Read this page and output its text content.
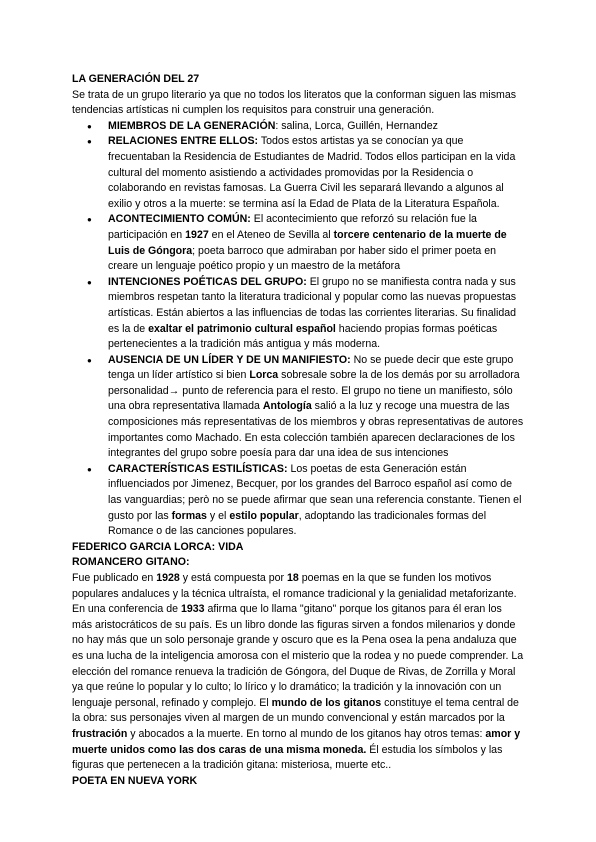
LA GENERACIÓN DEL 27

Se trata de un grupo literario ya que no todos los literatos que la conforman siguen las mismas tendencias artísticas ni cumplen los requisitos para construir una generación.

● MIEMBROS DE LA GENERACIÓN: salina, Lorca, Guillén, Hernandez
● RELACIONES ENTRE ELLOS: Todos estos artistas ya se conocían ya que frecuentaban la Residencia de Estudiantes de Madrid. Todos ellos participan en la vida cultural del momento asistiendo a actividades promovidas por la Residencia o colaborando en revistas famosas. La Guerra Civil les separará llevando a algunos al exilio y otros a la muerte: se termina así la Edad de Plata de la Literatura Española.
● ACONTECIMIENTO COMÚN: El acontecimiento que reforzó su relación fue la participación en 1927 en el Ateneo de Sevilla al torcere centenario de la muerte de Luis de Góngora; poeta barroco que admiraban por haber sido el primer poeta en creare un lenguaje poético propio y un maestro de la metáfora
● INTENCIONES POÉTICAS DEL GRUPO: El grupo no se manifiesta contra nada y sus miembros respetan tanto la literatura tradicional y popular como las nuevas propuestas artísticas. Están abiertos a las influencias de todas las corrientes literarias. Su finalidad es la de exaltar el patrimonio cultural español haciendo propias formas poéticas pertenecientes a la tradición más antigua y más moderna.
● AUSENCIA DE UN LÍDER Y DE UN MANIFIESTO: No se puede decir que este grupo tenga un líder artístico si bien Lorca sobresale sobre la de los demás por su arrolladora personalidad→ punto de referencia para el resto. El grupo no tiene un manifiesto, sólo una obra representativa llamada Antología salió a la luz y recoge una muestra de las composiciones más representativas de los miembros y obras representativas de autores importantes como Machado. En esta colección también aparecen declaraciones de los integrantes del grupo sobre poesía para dar una idea de sus intenciones
● CARACTERÍSTICAS ESTILÍSTICAS: Los poetas de esta Generación están influenciados por Jimenez, Becquer, por los grandes del Barroco español así como de las vanguardias; però no se puede afirmar que sean una referencia constante. Tienen el gusto por las formas y el estilo popular, adoptando las tradicionales formas del Romance o de las canciones populares.

FEDERICO GARCIA LORCA: VIDA

ROMANCERO GITANO:

Fue publicado en 1928 y está compuesta por 18 poemas en la que se funden los motivos populares andaluces y la técnica ultraísta, el romance tradicional y la genialidad metaforizante. En una conferencia de 1933 afirma que lo llama "gitano" porque los gitanos para él eran los más aristocráticos de su país. Es un libro donde las figuras sirven a fondos milenarios y donde no hay más que un solo personaje grande y oscuro que es la Pena osea la pena andaluza que es una lucha de la inteligencia amorosa con el misterio que la rodea y no puede comprender. La elección del romance renueva la tradición de Góngora, del Duque de Rivas, de Zorrilla y Moral ya que reúne lo popular y lo culto; lo lírico y lo dramático; la tradición y la innovación con un lenguaje personal, refinado y complejo. El mundo de los gitanos constituye el tema central de la obra: sus personajes viven al margen de un mundo convencional y están marcados por la frustración y abocados a la muerte. En torno al mundo de los gitanos hay otros temas: amor y muerte unidos como las dos caras de una misma moneda. Él estudia los símbolos y las figuras que pertenecen a la tradición gitana: misteriosa, muerte etc..

POETA EN NUEVA YORK
